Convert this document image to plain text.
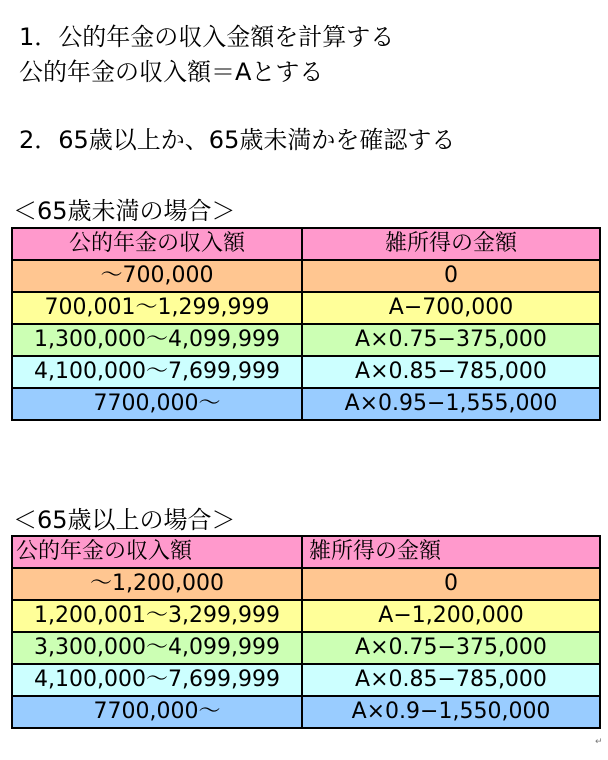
1．公的年金の収入金額を計算する

公的年金の収入額＝Aとする

2．65歳以上か、65歳未満かを確認する

＜65歳未満の場合＞

公的年金の収入額	雑所得の金額
～700,000	0
700,001～1,299,999	A−700,000
1,300,000～4,099,999	A×0.75−375,000
4,100,000～7,699,999	A×0.85−785,000
7700,000～	A×0.95−1,555,000

＜65歳以上の場合＞

公的年金の収入額	雑所得の金額
～1,200,000	0
1,200,001～3,299,999	A−1,200,000
3,300,000～4,099,999	A×0.75−375,000
4,100,000～7,699,999	A×0.85−785,000
7700,000～	A×0.9−1,550,000
↵
